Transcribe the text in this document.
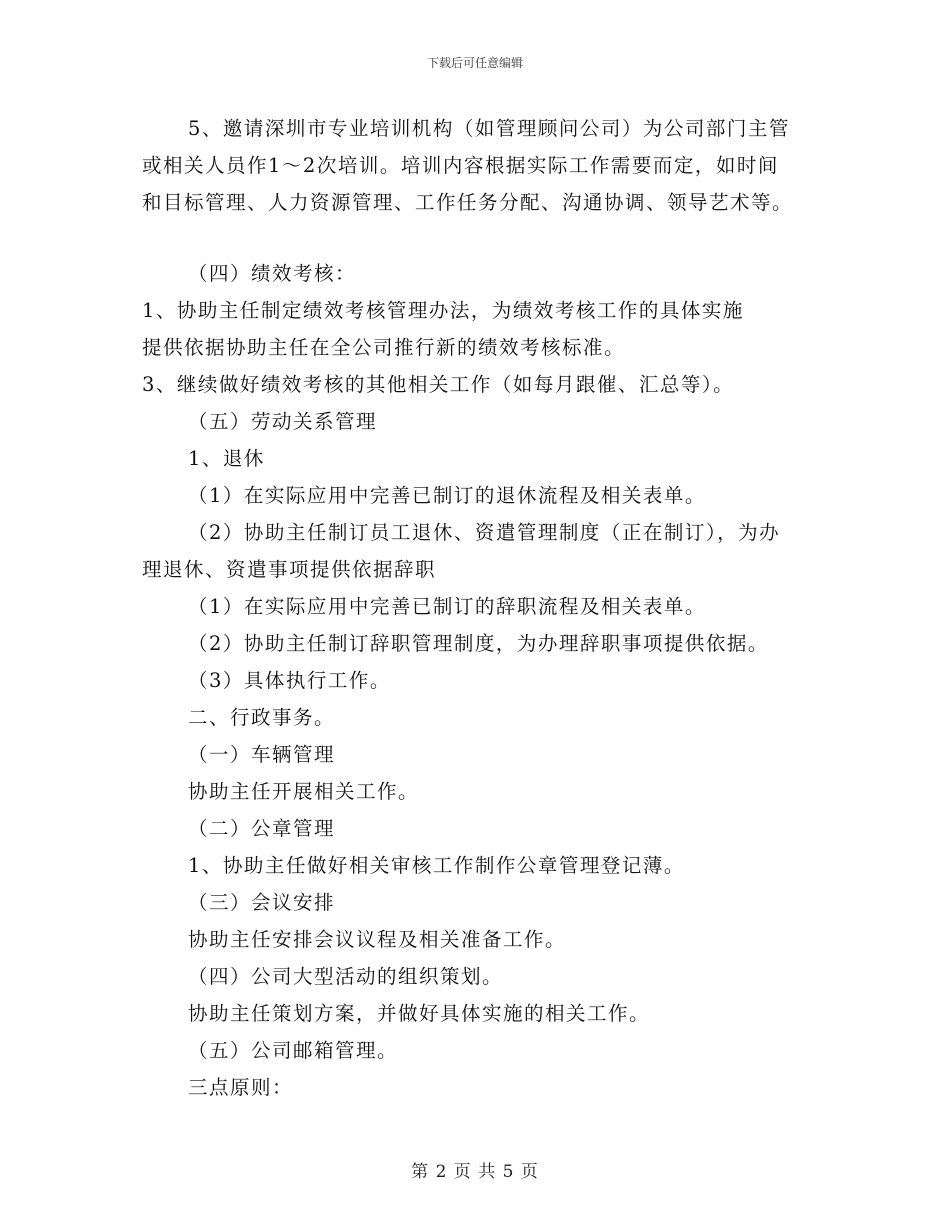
下载后可任意编辑
5、邀请深圳市专业培训机构（如管理顾问公司）为公司部门主管
或相关人员作1～2次培训。培训内容根据实际工作需要而定，如时间
和目标管理、人力资源管理、工作任务分配、沟通协调、领导艺术等。
（四）绩效考核：
1、协助主任制定绩效考核管理办法，为绩效考核工作的具体实施
提供依据协助主任在全公司推行新的绩效考核标准。
3、继续做好绩效考核的其他相关工作（如每月跟催、汇总等）。
（五）劳动关系管理
1、退休
（1）在实际应用中完善已制订的退休流程及相关表单。
（2）协助主任制订员工退休、资遣管理制度（正在制订），为办
理退休、资遣事项提供依据辞职
（1）在实际应用中完善已制订的辞职流程及相关表单。
（2）协助主任制订辞职管理制度，为办理辞职事项提供依据。
（3）具体执行工作。
二、行政事务。
（一）车辆管理
协助主任开展相关工作。
（二）公章管理
1、协助主任做好相关审核工作制作公章管理登记薄。
（三）会议安排
协助主任安排会议议程及相关准备工作。
（四）公司大型活动的组织策划。
协助主任策划方案，并做好具体实施的相关工作。
（五）公司邮箱管理。
三点原则：
第 2 页 共 5 页
